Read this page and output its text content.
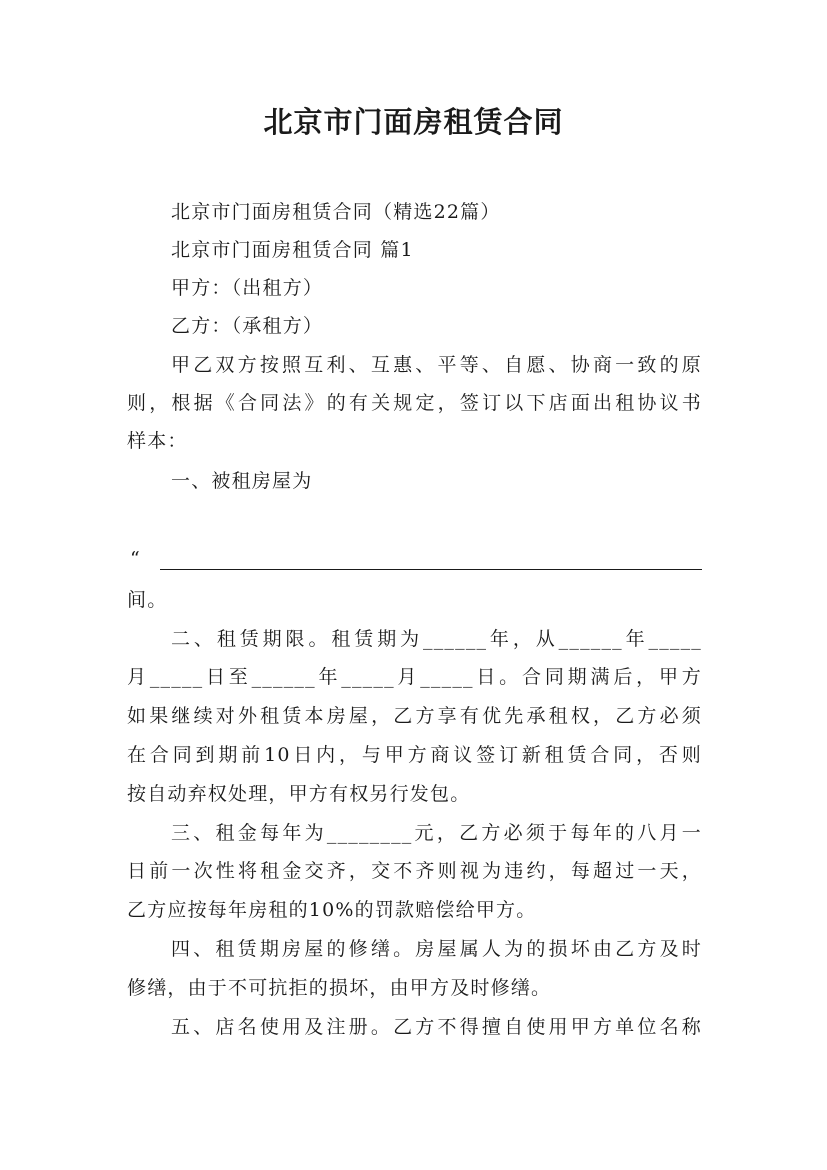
北京市门面房租赁合同
北京市门面房租赁合同（精选22篇）
北京市门面房租赁合同 篇1
甲方：（出租方）
乙方：（承租方）
甲乙双方按照互利、互惠、平等、自愿、协商一致的原
则，根据《合同法》的有关规定，签订以下店面出租协议书
样本：
一、被租房屋为
“
间。
二、租赁期限。租赁期为______年，从______年_____
月_____日至______年_____月_____日。合同期满后，甲方
如果继续对外租赁本房屋，乙方享有优先承租权，乙方必须
在合同到期前10日内，与甲方商议签订新租赁合同，否则
按自动弃权处理，甲方有权另行发包。
三、租金每年为________元，乙方必须于每年的八月一
日前一次性将租金交齐，交不齐则视为违约，每超过一天，
乙方应按每年房租的10%的罚款赔偿给甲方。
四、租赁期房屋的修缮。房屋属人为的损坏由乙方及时
修缮，由于不可抗拒的损坏，由甲方及时修缮。
五、店名使用及注册。乙方不得擅自使用甲方单位名称
